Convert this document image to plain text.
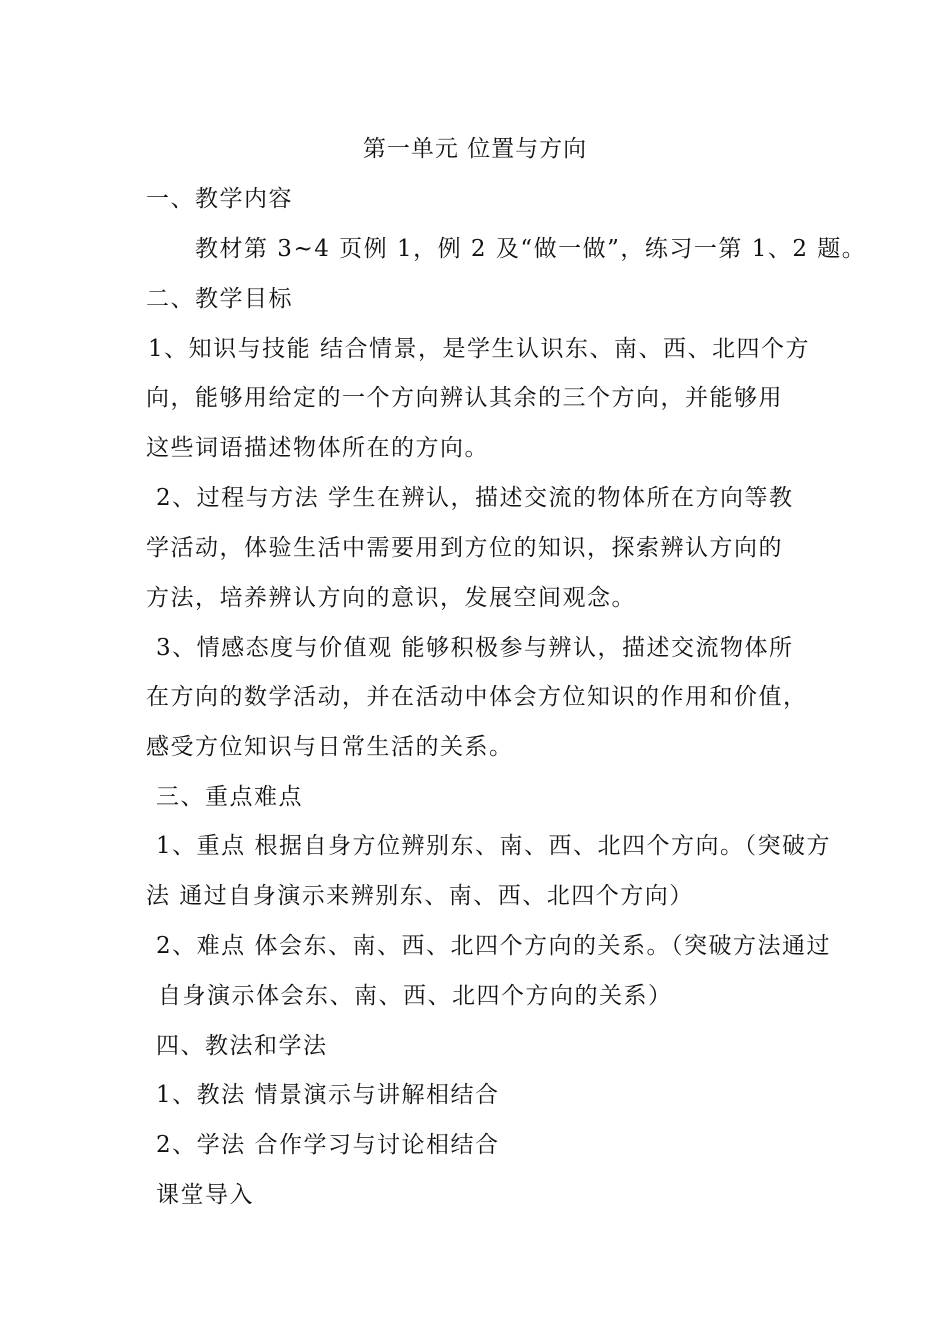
第一单元 位置与方向
一、教学内容
教材第 3~4 页例 1，例 2 及“做一做”，练习一第 1、2 题。
二、教学目标
1、知识与技能 结合情景，是学生认识东、南、西、北四个方
向，能够用给定的一个方向辨认其余的三个方向，并能够用
这些词语描述物体所在的方向。
2、过程与方法 学生在辨认，描述交流的物体所在方向等教
学活动，体验生活中需要用到方位的知识，探索辨认方向的
方法，培养辨认方向的意识，发展空间观念。
3、情感态度与价值观 能够积极参与辨认，描述交流物体所
在方向的数学活动，并在活动中体会方位知识的作用和价值，
感受方位知识与日常生活的关系。
三、重点难点
1、重点 根据自身方位辨别东、南、西、北四个方向。（突破方
法 通过自身演示来辨别东、南、西、北四个方向）
2、难点 体会东、南、西、北四个方向的关系。（突破方法通过
自身演示体会东、南、西、北四个方向的关系）
四、教法和学法
1、教法 情景演示与讲解相结合
2、学法 合作学习与讨论相结合
课堂导入
